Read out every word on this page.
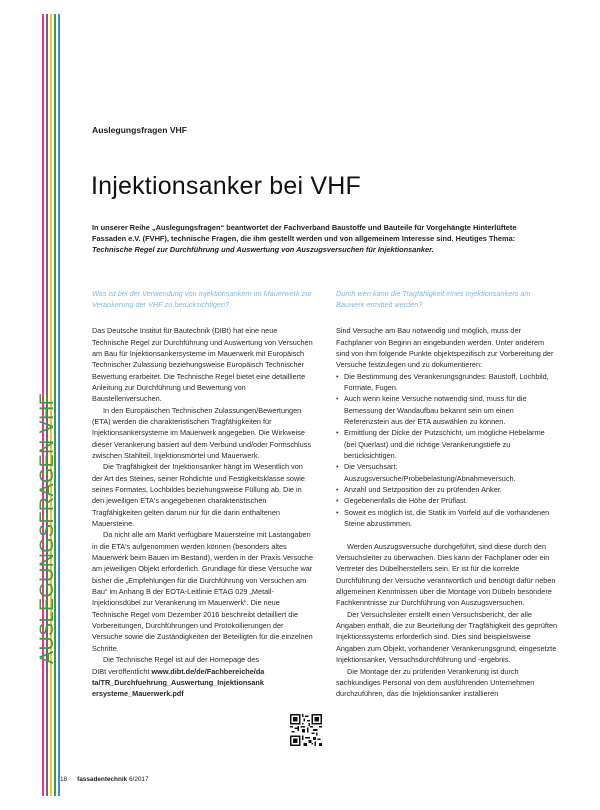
AUSLEGUNGSFRAGEN VHF
Auslegungsfragen VHF
Injektionsanker bei VHF
In unserer Reihe „Auslegungsfragen“ beantwortet der Fachverband Baustoffe und Bauteile für Vorgehängte Hinterlüftete Fassaden e.V. (FVHF), technische Fragen, die ihm gestellt werden und von allgemeinem Interesse sind. Heutiges Thema: Technische Regel zur Durchführung und Auswertung von Auszugsversuchen für Injektionsanker.

Was ist bei der Verwendung von Injektionsankern im Mauerwerk zur Verankerung der VHF zu berücksichtigen?

Das Deutsche Institut für Bautechnik (DIBt) hat eine neue Technische Regel zur Durchführung und Auswertung von Versuchen am Bau für Injektionsankersysteme im Mauerwerk mit Europäisch Technischer Zulassung beziehungsweise Europäisch Technischer Bewertung erarbeitet. Die Technische Regel bietet eine detaillierte Anleitung zur Durchführung und Bewertung von Baustellenversuchen.

In den Europäischen Technischen Zulassungen/Bewertungen (ETA) werden die charakteristischen Tragfähigkeiten für Injektionsankersysteme im Mauerwerk angegeben. Die Wirkweise dieser Verankerung basiert auf dem Verbund und/oder Formschluss zwischen Stahlteil, Injektionsmörtel und Mauerwerk.

Die Tragfähigkeit der Injektionsanker hängt im Wesentlich von der Art des Steines, seiner Rohdichte und Festigkeitsklasse sowie seines Formates, Lochbildes beziehungsweise Füllung ab. Die in den jeweiligen ETA's angegebenen charakteristischen Tragfähigkeiten gelten darum nur für die darin enthaltenen Mauersteine.

Da nicht alle am Markt verfügbare Mauersteine mit Lastangaben in die ETA's aufgenommen werden können (besonders altes Mauerwerk beim Bauen im Bestand), werden in der Praxis Versuche am jeweiligen Objekt erforderlich. Grundlage für diese Versuche war bisher die „Empfehlungen für die Durchführung von Versuchen am Bau“ im Anhang B der EOTA-Leitlinie ETAG 029 „Metall-Injektionsdübel zur Verankerung im Mauerwerk“. Die neue Technische Regel vom Dezember 2016 beschreibt detailliert die Vorbereitungen, Durchführungen und Protokollierungen der Versuche sowie die Zuständigkeiten der Beteiligten für die einzelnen Schritte.

Die Technische Regel ist auf der Homepage des DIBt veröffentlicht www.dibt.de/de/Fachbereiche/data/TR_Durchfuehrung_Auswertung_Injektionsankersysteme_Mauerwerk.pdf

Durch wen kann die Tragfähigkeit eines Injektionsankers am Bauwerk ermittelt werden?

Sind Versuche am Bau notwendig und möglich, muss der Fachplaner von Beginn an eingebunden werden. Unter anderem sind von ihm folgende Punkte objektspezifisch zur Vorbereitung der Versuche festzulegen und zu dokumentieren:

• Die Bestimmung des Verankerungsgrundes: Baustoff, Lochbild, Formate, Fugen.
• Auch wenn keine Versuche notwendig sind, muss für die Bemessung der Wandaufbau bekannt sein um einen Referenzstein aus der ETA auswählen zu können.
• Ermittlung der Dicke der Putzschicht, um mögliche Hebelarme (bei Querlast) und die richtige Verankerungstiefe zu berücksichtigen.
• Die Versuchsart: Auszugsversuche/Probebelastung/Abnahmeversuch.
• Anzahl und Setzposition der zu prüfenden Anker.
• Gegebenenfalls die Höhe der Prüflast.
• Soweit es möglich ist, die Statik im Vorfeld auf die vorhandenen Steine abzustimmen.

Werden Auszugsversuche durchgeführt, sind diese durch den Versuchsleiter zu überwachen. Dies kann der Fachplaner oder ein Vertreter des Dübelherstellers sein. Er ist für die korrekte Durchführung der Versuche verantwortlich und benötigt dafür neben allgemeinen Kenntnissen über die Montage von Dübeln besondere Fachkenntnisse zur Durchführung von Auszugsversuchen.

Der Versuchsleiter erstellt einen Versuchsbericht, der alle Angaben enthält, die zur Beurteilung der Tragfähigkeit des geprüften Injektionssystems erforderlich sind. Dies sind beispielsweise Angaben zum Objekt, vorhandener Verankerungsgrund, eingesetzte Injektionsanker, Versuchsdurchführung und -ergebnis.

Die Montage der zu prüfenden Verankerung ist durch sachkundiges Personal von dem ausführenden Unternehmen durchzuführen, das die Injektionsanker installieren

18 fassadentechnik 6/2017
